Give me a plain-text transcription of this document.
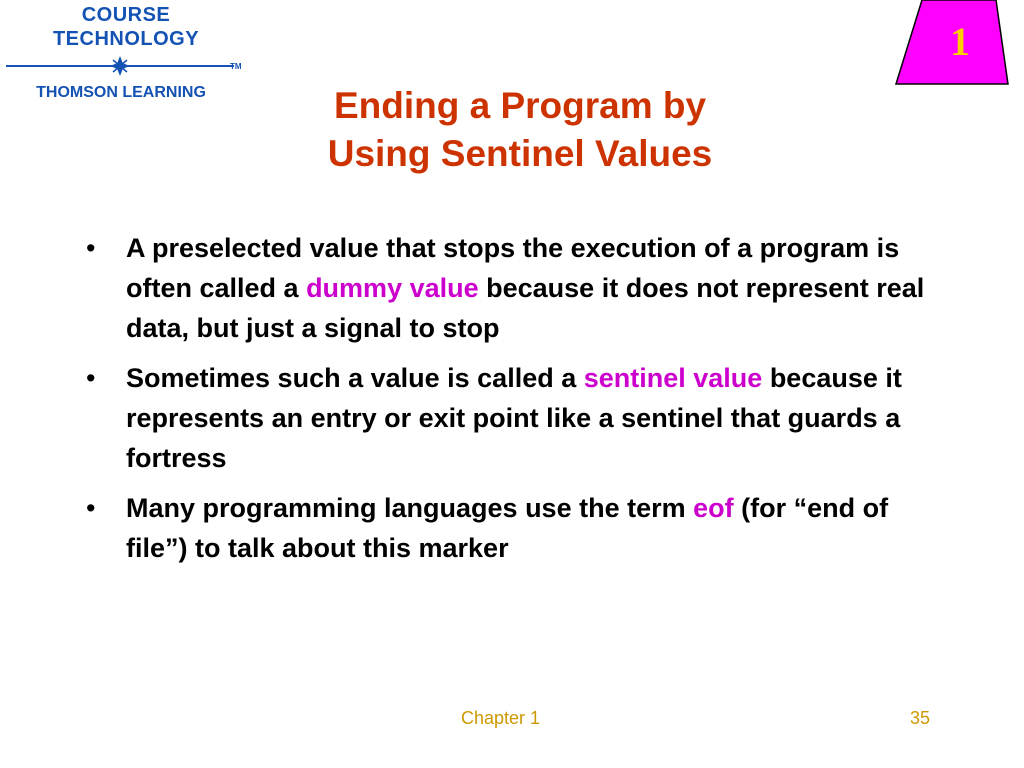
COURSE
TECHNOLOGY
TM
THOMSON LEARNING
1
Ending a Program by
Using Sentinel Values
• A preselected value that stops the execution of a program is often called a dummy value because it does not represent real data, but just a signal to stop
• Sometimes such a value is called a sentinel value because it represents an entry or exit point like a sentinel that guards a fortress
• Many programming languages use the term eof (for “end of file”) to talk about this marker
Chapter 1	35
